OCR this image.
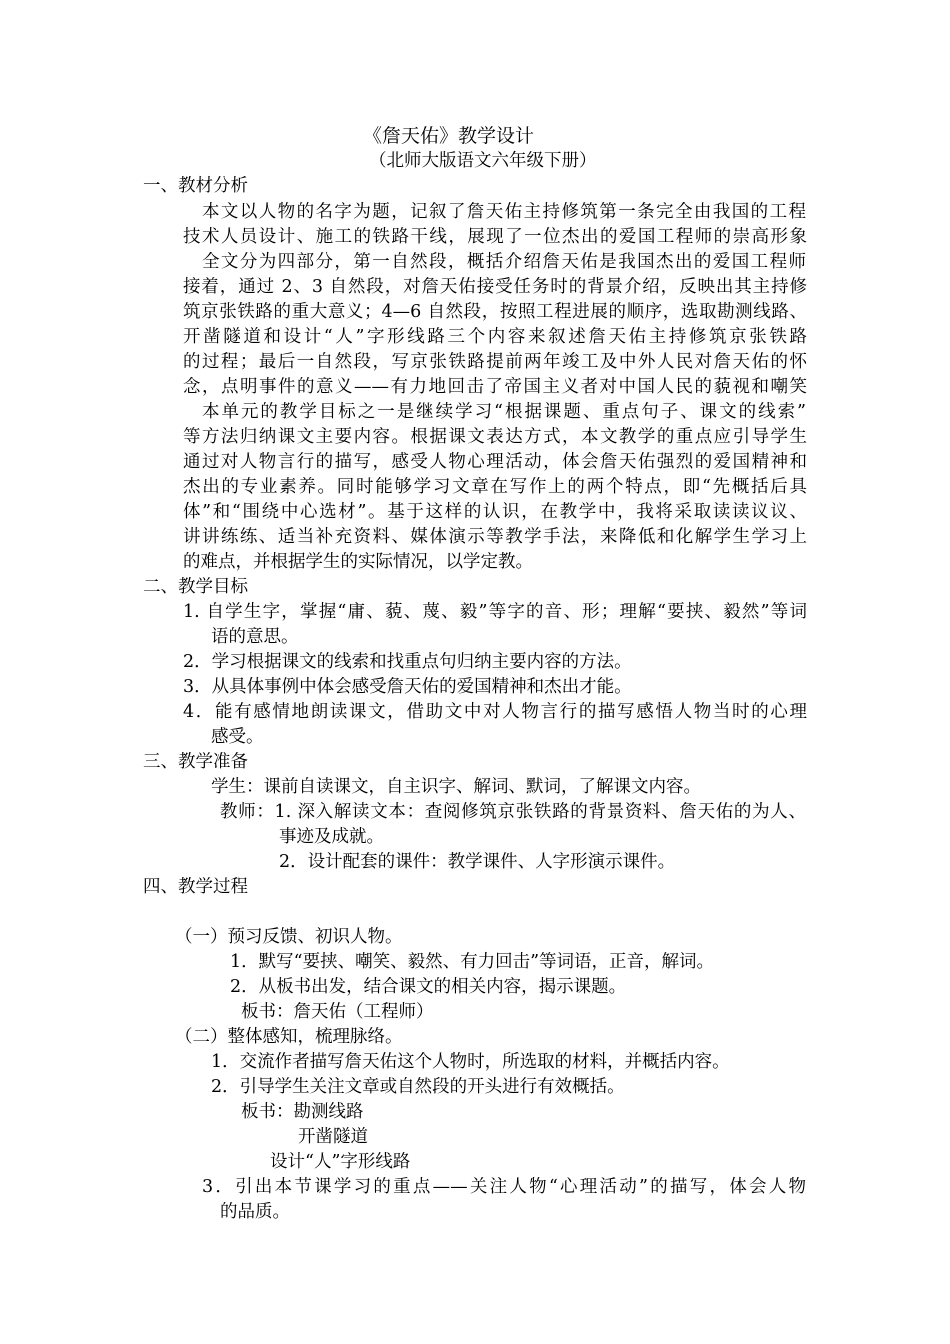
《詹天佑》教学设计
（北师大版语文六年级下册）
一、教材分析
本文以人物的名字为题，记叙了詹天佑主持修筑第一条完全由我国的工程
技术人员设计、施工的铁路干线，展现了一位杰出的爱国工程师的崇高形象
全文分为四部分，第一自然段，概括介绍詹天佑是我国杰出的爱国工程师
接着，通过 2、3 自然段，对詹天佑接受任务时的背景介绍，反映出其主持修
筑京张铁路的重大意义；4—6 自然段，按照工程进展的顺序，选取勘测线路、
开凿隧道和设计“人”字形线路三个内容来叙述詹天佑主持修筑京张铁路
的过程；最后一自然段，写京张铁路提前两年竣工及中外人民对詹天佑的怀
念，点明事件的意义——有力地回击了帝国主义者对中国人民的藐视和嘲笑
本单元的教学目标之一是继续学习“根据课题、重点句子、课文的线索”
等方法归纳课文主要内容。根据课文表达方式，本文教学的重点应引导学生
通过对人物言行的描写，感受人物心理活动，体会詹天佑强烈的爱国精神和
杰出的专业素养。同时能够学习文章在写作上的两个特点，即“先概括后具
体”和“围绕中心选材”。基于这样的认识，在教学中，我将采取读读议议、
讲讲练练、适当补充资料、媒体演示等教学手法，来降低和化解学生学习上
的难点，并根据学生的实际情况，以学定教。
二、教学目标
1. 自学生字，掌握“庸、藐、蔑、毅”等字的音、形；理解“要挟、毅然”等词
语的意思。
2．学习根据课文的线索和找重点句归纳主要内容的方法。
3．从具体事例中体会感受詹天佑的爱国精神和杰出才能。
4．能有感情地朗读课文，借助文中对人物言行的描写感悟人物当时的心理
感受。
三、教学准备
学生：课前自读课文，自主识字、解词、默词，了解课文内容。
教师：1. 深入解读文本：查阅修筑京张铁路的背景资料、詹天佑的为人、
事迹及成就。
2．设计配套的课件：教学课件、人字形演示课件。
四、教学过程
（一）预习反馈、初识人物。
1．默写“要挟、嘲笑、毅然、有力回击”等词语，正音，解词。
2．从板书出发，结合课文的相关内容，揭示课题。
板书：詹天佑（工程师）
（二）整体感知，梳理脉络。
1．交流作者描写詹天佑这个人物时，所选取的材料，并概括内容。
2．引导学生关注文章或自然段的开头进行有效概括。
板书：勘测线路
开凿隧道
设计“人”字形线路
3．引出本节课学习的重点——关注人物“心理活动”的描写，体会人物
的品质。
